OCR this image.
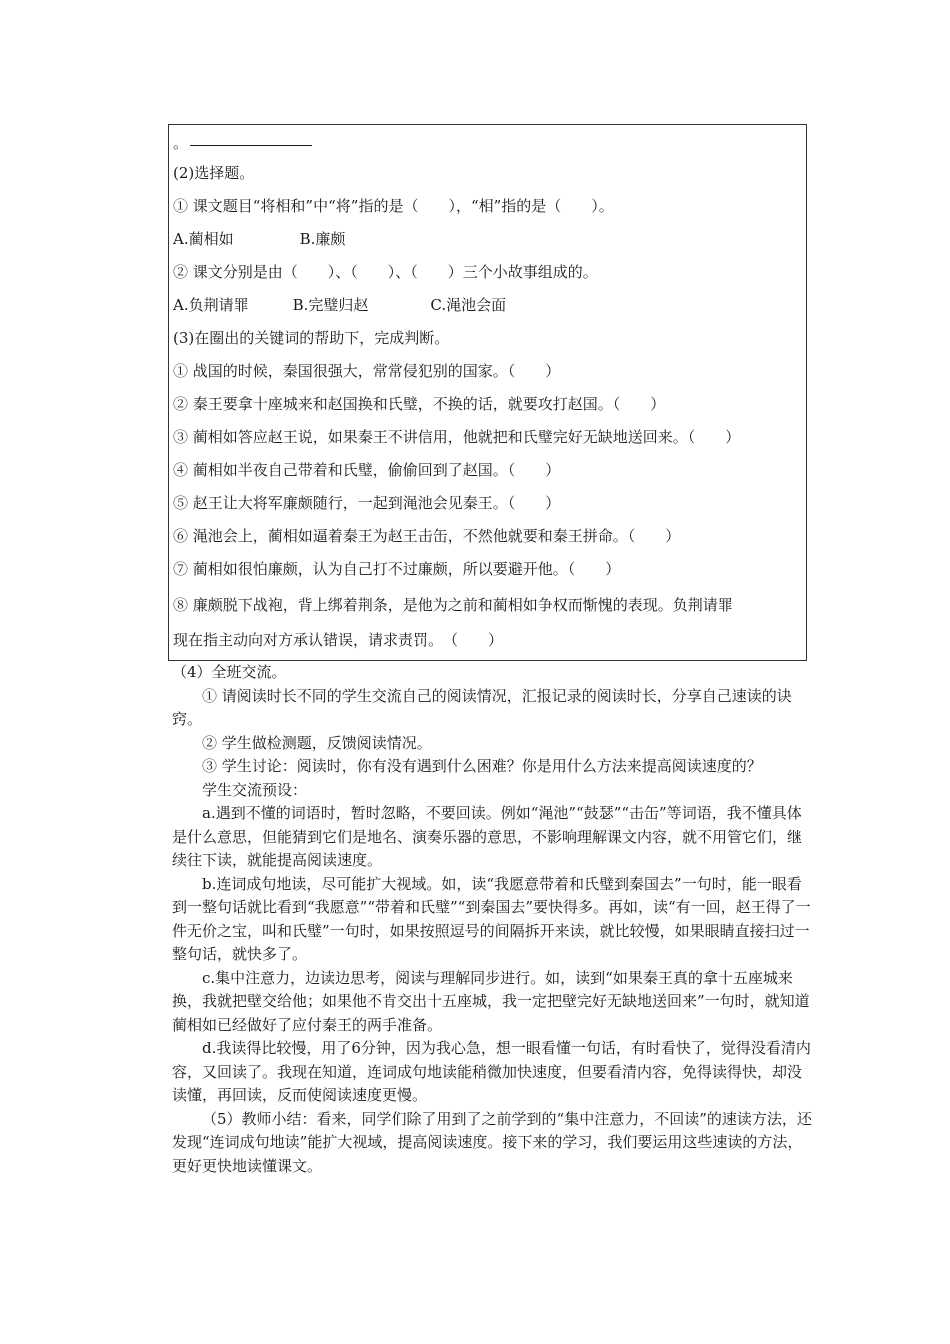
。
(2)选择题。
① 课文题目“将相和”中“将”指的是（　　），“相”指的是（　　）。
A.蔺相如	B.廉颇
② 课文分别是由（　　）、（　　）、（　　）三个小故事组成的。
A.负荆请罪	B.完璧归赵	C.渑池会面
(3)在圈出的关键词的帮助下，完成判断。
① 战国的时候，秦国很强大，常常侵犯别的国家。（　　）
② 秦王要拿十座城来和赵国换和氏璧，不换的话，就要攻打赵国。（　　）
③ 蔺相如答应赵王说，如果秦王不讲信用，他就把和氏璧完好无缺地送回来。（　　）
④ 蔺相如半夜自己带着和氏璧，偷偷回到了赵国。（　　）
⑤ 赵王让大将军廉颇随行，一起到渑池会见秦王。（　　）
⑥ 渑池会上，蔺相如逼着秦王为赵王击缶，不然他就要和秦王拼命。（　　）
⑦ 蔺相如很怕廉颇，认为自己打不过廉颇，所以要避开他。（　　）
⑧ 廉颇脱下战袍，背上绑着荆条，是他为之前和蔺相如争权而惭愧的表现。负荆请罪
现在指主动向对方承认错误，请求责罚。　（　　）

（4）全班交流。

① 请阅读时长不同的学生交流自己的阅读情况，汇报记录的阅读时长，分享自己速读的诀窍。

② 学生做检测题，反馈阅读情况。

③ 学生讨论：阅读时，你有没有遇到什么困难？你是用什么方法来提高阅读速度的？

学生交流预设：

a.遇到不懂的词语时，暂时忽略，不要回读。例如“渑池”“鼓瑟”“击缶”等词语，我不懂具体是什么意思，但能猜到它们是地名、演奏乐器的意思，不影响理解课文内容，就不用管它们，继续往下读，就能提高阅读速度。

b.连词成句地读，尽可能扩大视域。如，读“我愿意带着和氏璧到秦国去”一句时，能一眼看到一整句话就比看到“我愿意”“带着和氏璧”“到秦国去”要快得多。再如，读“有一回，赵王得了一件无价之宝，叫和氏璧”一句时，如果按照逗号的间隔拆开来读，就比较慢，如果眼睛直接扫过一整句话，就快多了。

c.集中注意力，边读边思考，阅读与理解同步进行。如，读到“如果秦王真的拿十五座城来换，我就把壁交给他；如果他不肯交出十五座城，我一定把壁完好无缺地送回来”一句时，就知道蔺相如已经做好了应付秦王的两手准备。

d.我读得比较慢，用了6分钟，因为我心急，想一眼看懂一句话，有时看快了，觉得没看清内容，又回读了。我现在知道，连词成句地读能稍微加快速度，但要看清内容，免得读得快，却没读懂，再回读，反而使阅读速度更慢。

（5）教师小结：看来，同学们除了用到了之前学到的“集中注意力，不回读”的速读方法，还发现“连词成句地读”能扩大视域，提高阅读速度。接下来的学习，我们要运用这些速读的方法，更好更快地读懂课文。
